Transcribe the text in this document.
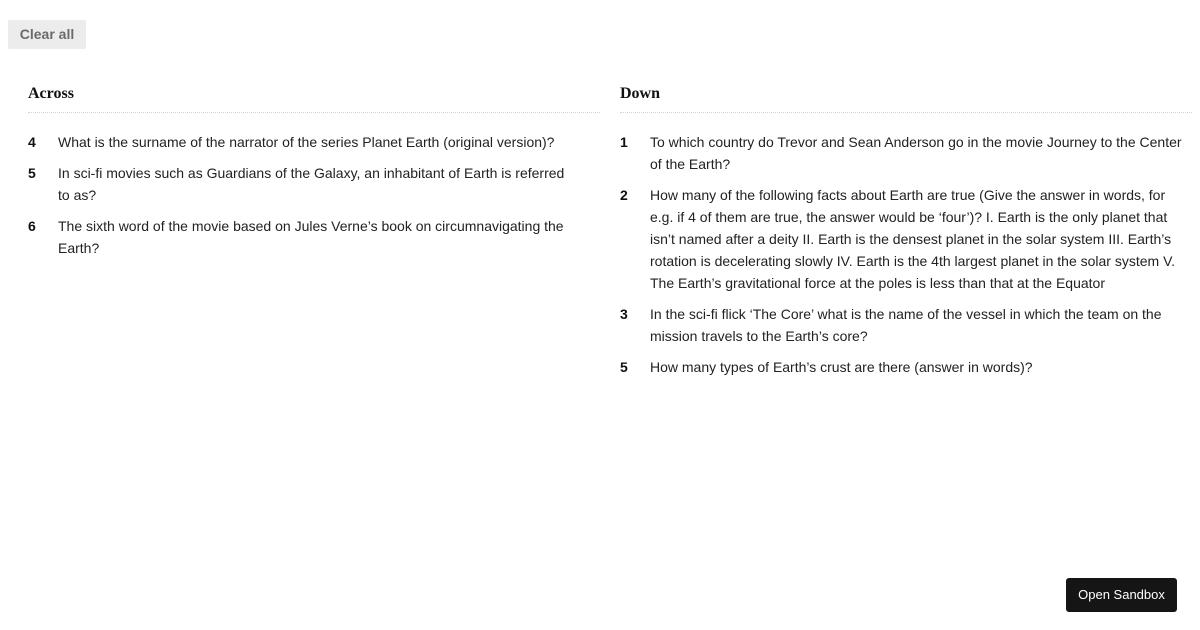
Clear all
Across
4	What is the surname of the narrator of the series Planet Earth (original version)?
5	In sci-fi movies such as Guardians of the Galaxy, an inhabitant of Earth is referred to as?
6	The sixth word of the movie based on Jules Verne’s book on circumnavigating the Earth?
Down
1	To which country do Trevor and Sean Anderson go in the movie Journey to the Center of the Earth?
2	How many of the following facts about Earth are true (Give the answer in words, for e.g. if 4 of them are true, the answer would be ‘four’)? I. Earth is the only planet that isn’t named after a deity II. Earth is the densest planet in the solar system III. Earth’s rotation is decelerating slowly IV. Earth is the 4th largest planet in the solar system V. The Earth’s gravitational force at the poles is less than that at the Equator
3	In the sci-fi flick ‘The Core’ what is the name of the vessel in which the team on the mission travels to the Earth’s core?
5	How many types of Earth’s crust are there (answer in words)?
Open Sandbox
